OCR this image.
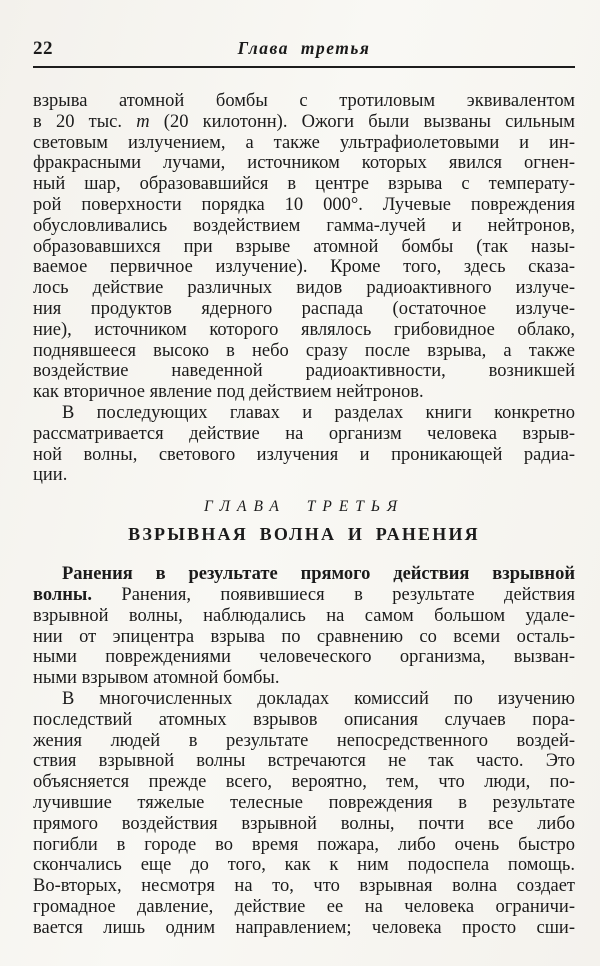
22	Глава третья
взрыва атомной бомбы с тротиловым эквивалентом
в 20 тыс. т (20 килотонн). Ожоги были вызваны сильным
световым излучением, а также ультрафиолетовыми и ин-
фракрасными лучами, источником которых явился огнен-
ный шар, образовавшийся в центре взрыва с температу-
рой поверхности порядка 10 000°. Лучевые повреждения
обусловливались воздействием гамма-лучей и нейтронов,
образовавшихся при взрыве атомной бомбы (так назы-
ваемое первичное излучение). Кроме того, здесь сказа-
лось действие различных видов радиоактивного излуче-
ния продуктов ядерного распада (остаточное излуче-
ние), источником которого являлось грибовидное облако,
поднявшееся высоко в небо сразу после взрыва, а также
воздействие наведенной радиоактивности, возникшей
как вторичное явление под действием нейтронов.
В последующих главах и разделах книги конкретно
рассматривается действие на организм человека взрыв-
ной волны, светового излучения и проникающей радиа-
ции.
ГЛАВА ТРЕТЬЯ
ВЗРЫВНАЯ ВОЛНА И РАНЕНИЯ
Ранения в результате прямого действия взрывной
волны. Ранения, появившиеся в результате действия
взрывной волны, наблюдались на самом большом удале-
нии от эпицентра взрыва по сравнению со всеми осталь-
ными повреждениями человеческого организма, вызван-
ными взрывом атомной бомбы.
В многочисленных докладах комиссий по изучению
последствий атомных взрывов описания случаев пора-
жения людей в результате непосредственного воздей-
ствия взрывной волны встречаются не так часто. Это
объясняется прежде всего, вероятно, тем, что люди, по-
лучившие тяжелые телесные повреждения в результате
прямого воздействия взрывной волны, почти все либо
погибли в городе во время пожара, либо очень быстро
скончались еще до того, как к ним подоспела помощь.
Во-вторых, несмотря на то, что взрывная волна создает
громадное давление, действие ее на человека ограничи-
вается лишь одним направлением; человека просто сши-
